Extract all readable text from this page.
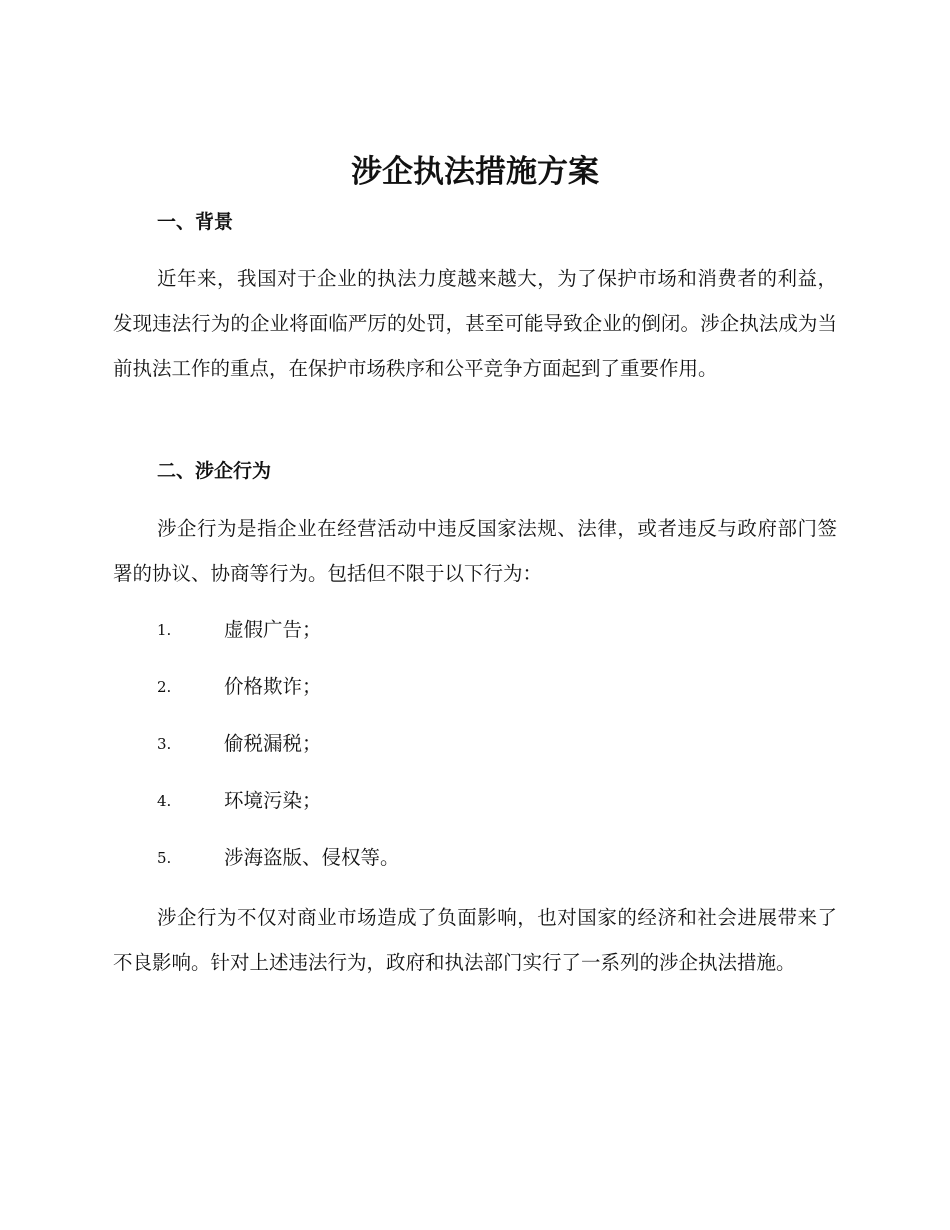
涉企执法措施方案
一、背景

近年来，我国对于企业的执法力度越来越大，为了保护市场和消费者的利益，发现违法行为的企业将面临严厉的处罚，甚至可能导致企业的倒闭。涉企执法成为当前执法工作的重点，在保护市场秩序和公平竞争方面起到了重要作用。

二、涉企行为

涉企行为是指企业在经营活动中违反国家法规、法律，或者违反与政府部门签署的协议、协商等行为。包括但不限于以下行为：

1.	虚假广告；
2.	价格欺诈；
3.	偷税漏税；
4.	环境污染；
5.	涉海盗版、侵权等。

涉企行为不仅对商业市场造成了负面影响，也对国家的经济和社会进展带来了不良影响。针对上述违法行为，政府和执法部门实行了一系列的涉企执法措施。
